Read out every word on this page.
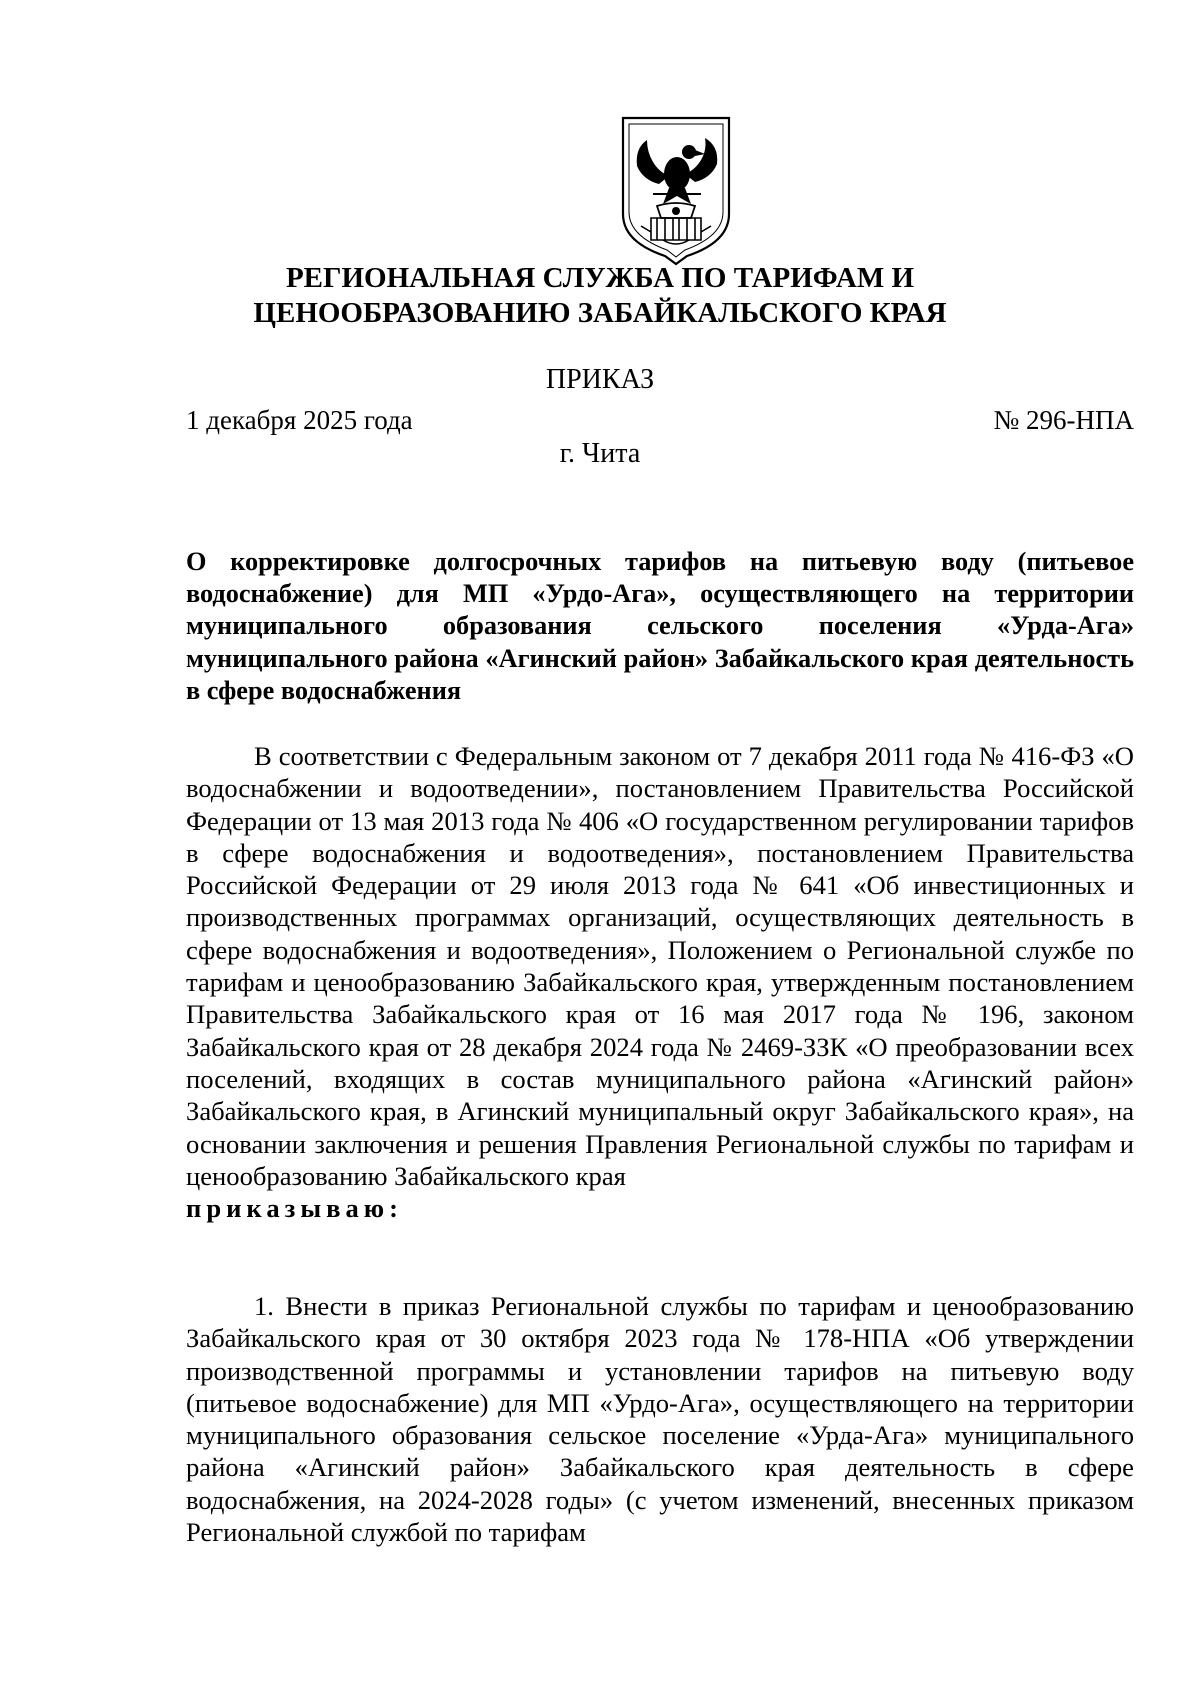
РЕГИОНАЛЬНАЯ СЛУЖБА ПО ТАРИФАМ И
ЦЕНООБРАЗОВАНИЮ ЗАБАЙКАЛЬСКОГО КРАЯ
ПРИКАЗ
1 декабря 2025 года	№ 296-НПА
г. Чита
О корректировке долгосрочных тарифов на питьевую воду (питьевое водоснабжение) для МП «Урдо-Ага», осуществляющего на территории муниципального образования сельского поселения «Урда-Ага» муниципального района «Агинский район» Забайкальского края деятельность в сфере водоснабжения
В соответствии с Федеральным законом от 7 декабря 2011 года № 416-ФЗ «О водоснабжении и водоотведении», постановлением Правительства Российской Федерации от 13 мая 2013 года № 406 «О государственном регулировании тарифов в сфере водоснабжения и водоотведения», постановлением Правительства Российской Федерации от 29 июля 2013 года № 641 «Об инвестиционных и производственных программах организаций, осуществляющих деятельность в сфере водоснабжения и водоотведения», Положением о Региональной службе по тарифам и ценообразованию Забайкальского края, утвержденным постановлением Правительства Забайкальского края от 16 мая 2017 года № 196, законом Забайкальского края от 28 декабря 2024 года № 2469-ЗЗК «О преобразовании всех поселений, входящих в состав муниципального района «Агинский район» Забайкальского края, в Агинский муниципальный округ Забайкальского края», на основании заключения и решения Правления Региональной службы по тарифам и ценообразованию Забайкальского края
приказываю:
1. Внести в приказ Региональной службы по тарифам и ценообразованию Забайкальского края от 30 октября 2023 года № 178-НПА «Об утверждении производственной программы и установлении тарифов на питьевую воду (питьевое водоснабжение) для МП «Урдо-Ага», осуществляющего на территории муниципального образования сельское поселение «Урда-Ага» муниципального района «Агинский район» Забайкальского края деятельность в сфере водоснабжения, на 2024-2028 годы» (с учетом изменений, внесенных приказом Региональной службой по тарифам
